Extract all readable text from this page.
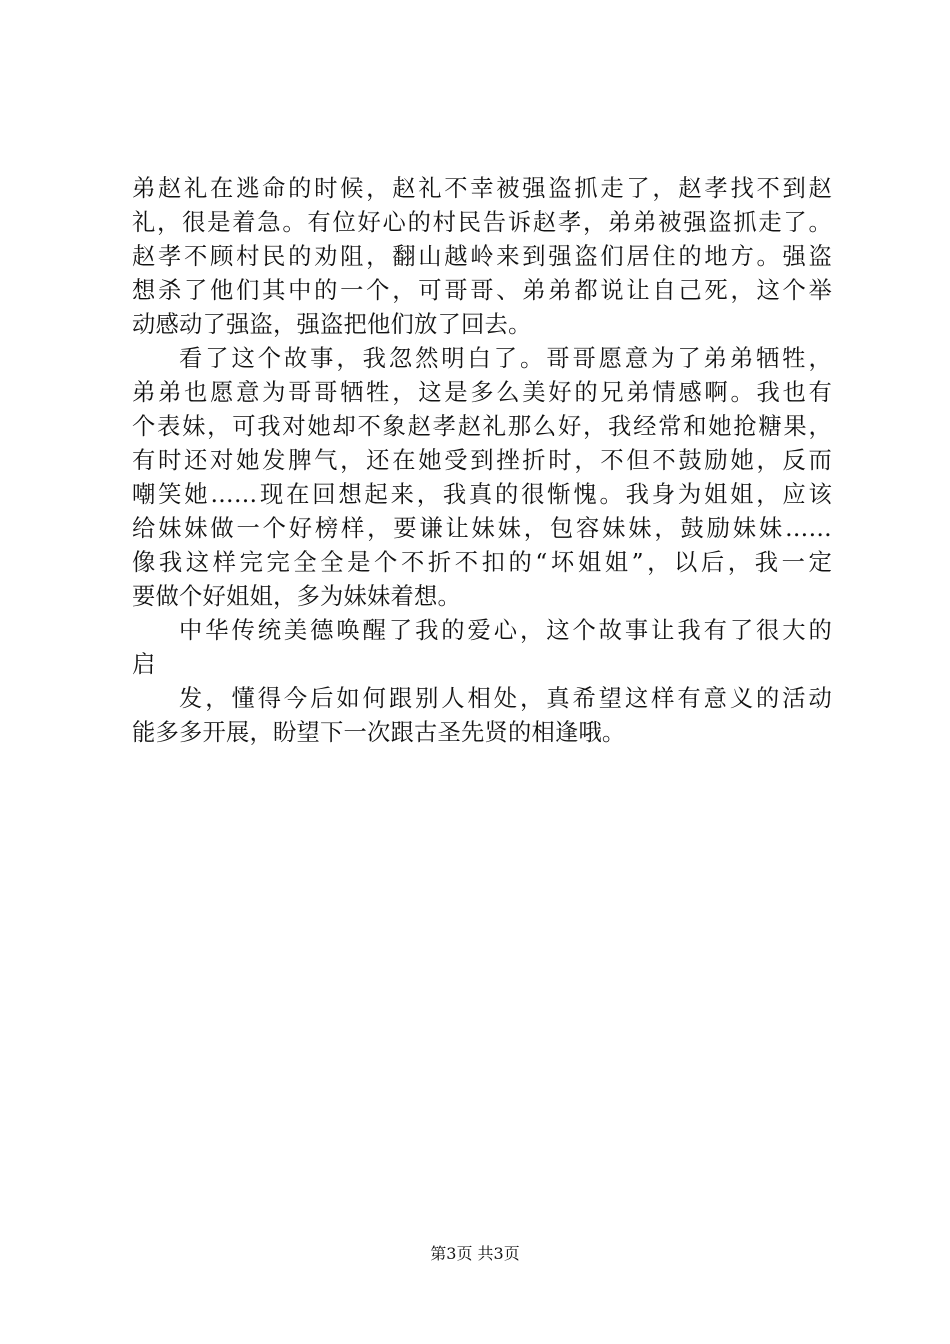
弟赵礼在逃命的时候，赵礼不幸被强盗抓走了，赵孝找不到赵
礼，很是着急。有位好心的村民告诉赵孝，弟弟被强盗抓走了。
赵孝不顾村民的劝阻，翻山越岭来到强盗们居住的地方。强盗
想杀了他们其中的一个，可哥哥、弟弟都说让自己死，这个举
动感动了强盗，强盗把他们放了回去。
看了这个故事，我忽然明白了。哥哥愿意为了弟弟牺牲，
弟弟也愿意为哥哥牺牲，这是多么美好的兄弟情感啊。我也有
个表妹，可我对她却不象赵孝赵礼那么好，我经常和她抢糖果，
有时还对她发脾气，还在她受到挫折时，不但不鼓励她，反而
嘲笑她……现在回想起来，我真的很惭愧。我身为姐姐，应该
给妹妹做一个好榜样，要谦让妹妹，包容妹妹，鼓励妹妹……
像我这样完完全全是个不折不扣的“坏姐姐”，以后，我一定
要做个好姐姐，多为妹妹着想。
中华传统美德唤醒了我的爱心，这个故事让我有了很大的
启
发，懂得今后如何跟别人相处，真希望这样有意义的活动
能多多开展，盼望下一次跟古圣先贤的相逢哦。
第3页 共3页
